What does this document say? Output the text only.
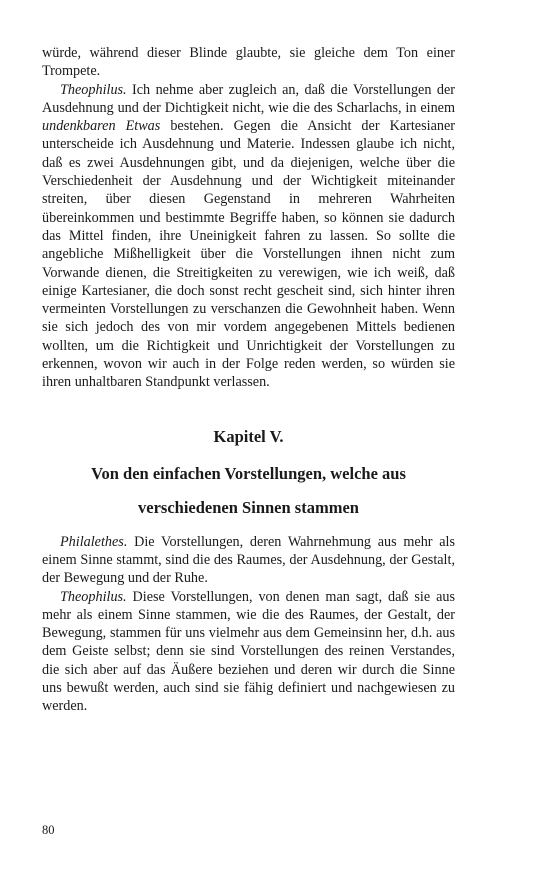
würde, während dieser Blinde glaubte, sie gleiche dem Ton einer Trompete.

Theophilus. Ich nehme aber zugleich an, daß die Vorstellungen der Ausdehnung und der Dichtigkeit nicht, wie die des Scharlachs, in einem undenkbaren Etwas bestehen. Gegen die Ansicht der Kartesianer unterscheide ich Ausdehnung und Materie. Indessen glaube ich nicht, daß es zwei Ausdehnungen gibt, und da diejenigen, welche über die Verschiedenheit der Ausdehnung und der Wichtigkeit miteinander streiten, über diesen Gegenstand in mehreren Wahrheiten übereinkommen und bestimmte Begriffe haben, so können sie dadurch das Mittel finden, ihre Uneinigkeit fahren zu lassen. So sollte die angebliche Mißhelligkeit über die Vorstellungen ihnen nicht zum Vorwande dienen, die Streitigkeiten zu verewigen, wie ich weiß, daß einige Kartesianer, die doch sonst recht gescheit sind, sich hinter ihren vermeinten Vorstellungen zu verschanzen die Gewohnheit haben. Wenn sie sich jedoch des von mir vordem angegebenen Mittels bedienen wollten, um die Richtigkeit und Unrichtigkeit der Vorstellungen zu erkennen, wovon wir auch in der Folge reden werden, so würden sie ihren unhaltbaren Standpunkt verlassen.

Kapitel V.
Von den einfachen Vorstellungen, welche aus
verschiedenen Sinnen stammen

Philalethes. Die Vorstellungen, deren Wahrnehmung aus mehr als einem Sinne stammt, sind die des Raumes, der Ausdehnung, der Gestalt, der Bewegung und der Ruhe.

Theophilus. Diese Vorstellungen, von denen man sagt, daß sie aus mehr als einem Sinne stammen, wie die des Raumes, der Gestalt, der Bewegung, stammen für uns vielmehr aus dem Gemeinsinn her, d.h. aus dem Geiste selbst; denn sie sind Vorstellungen des reinen Verstandes, die sich aber auf das Äußere beziehen und deren wir durch die Sinne uns bewußt werden, auch sind sie fähig definiert und nachgewiesen zu werden.

80
